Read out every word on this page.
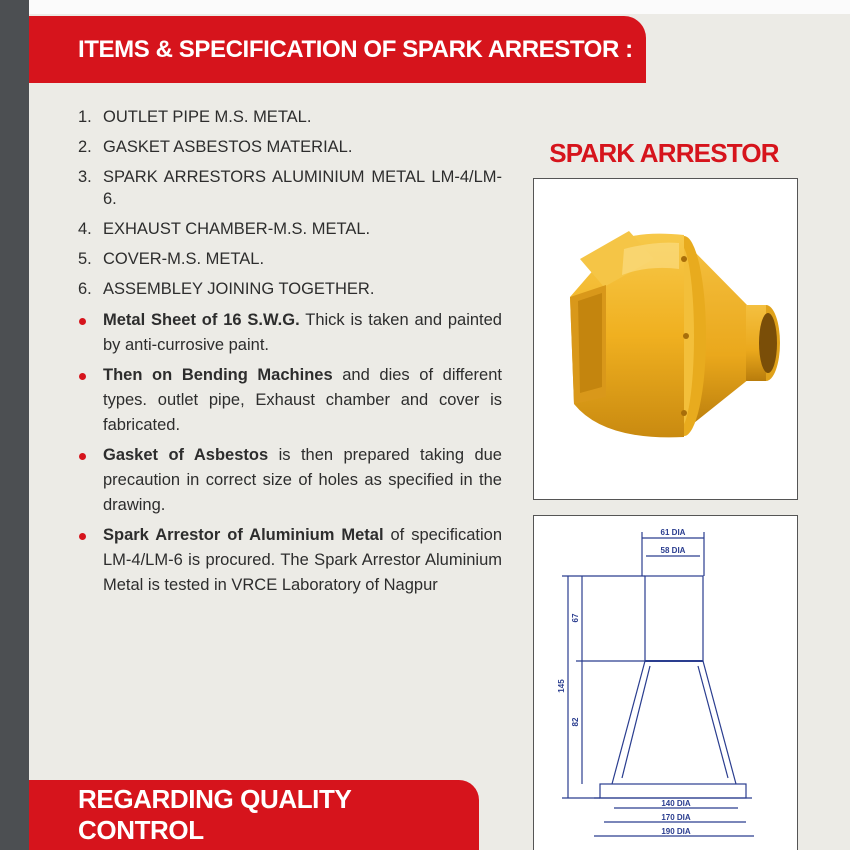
ITEMS & SPECIFICATION OF SPARK ARRESTOR :
1. OUTLET PIPE M.S. METAL.
2. GASKET ASBESTOS MATERIAL.
3. SPARK ARRESTORS ALUMINIUM METAL LM-4/LM-6.
4. EXHAUST CHAMBER-M.S. METAL.
5. COVER-M.S. METAL.
6. ASSEMBLEY JOINING TOGETHER.
Metal Sheet of 16 S.W.G. Thick is taken and painted by anti-currosive paint.
Then on Bending Machines and dies of different types. outlet pipe, Exhaust chamber and cover is fabricated.
Gasket of Asbestos is then prepared taking due precaution in correct size of holes as specified in the drawing.
Spark Arrestor of Aluminium Metal of specification LM-4/LM-6 is procured. The Spark Arrestor Aluminium Metal is tested in VRCE Laboratory of Nagpur
SPARK ARRESTOR
61 DIA
58 DIA
140 DIA
170 DIA
190 DIA
145
67
82
REGARDING QUALITY CONTROL
